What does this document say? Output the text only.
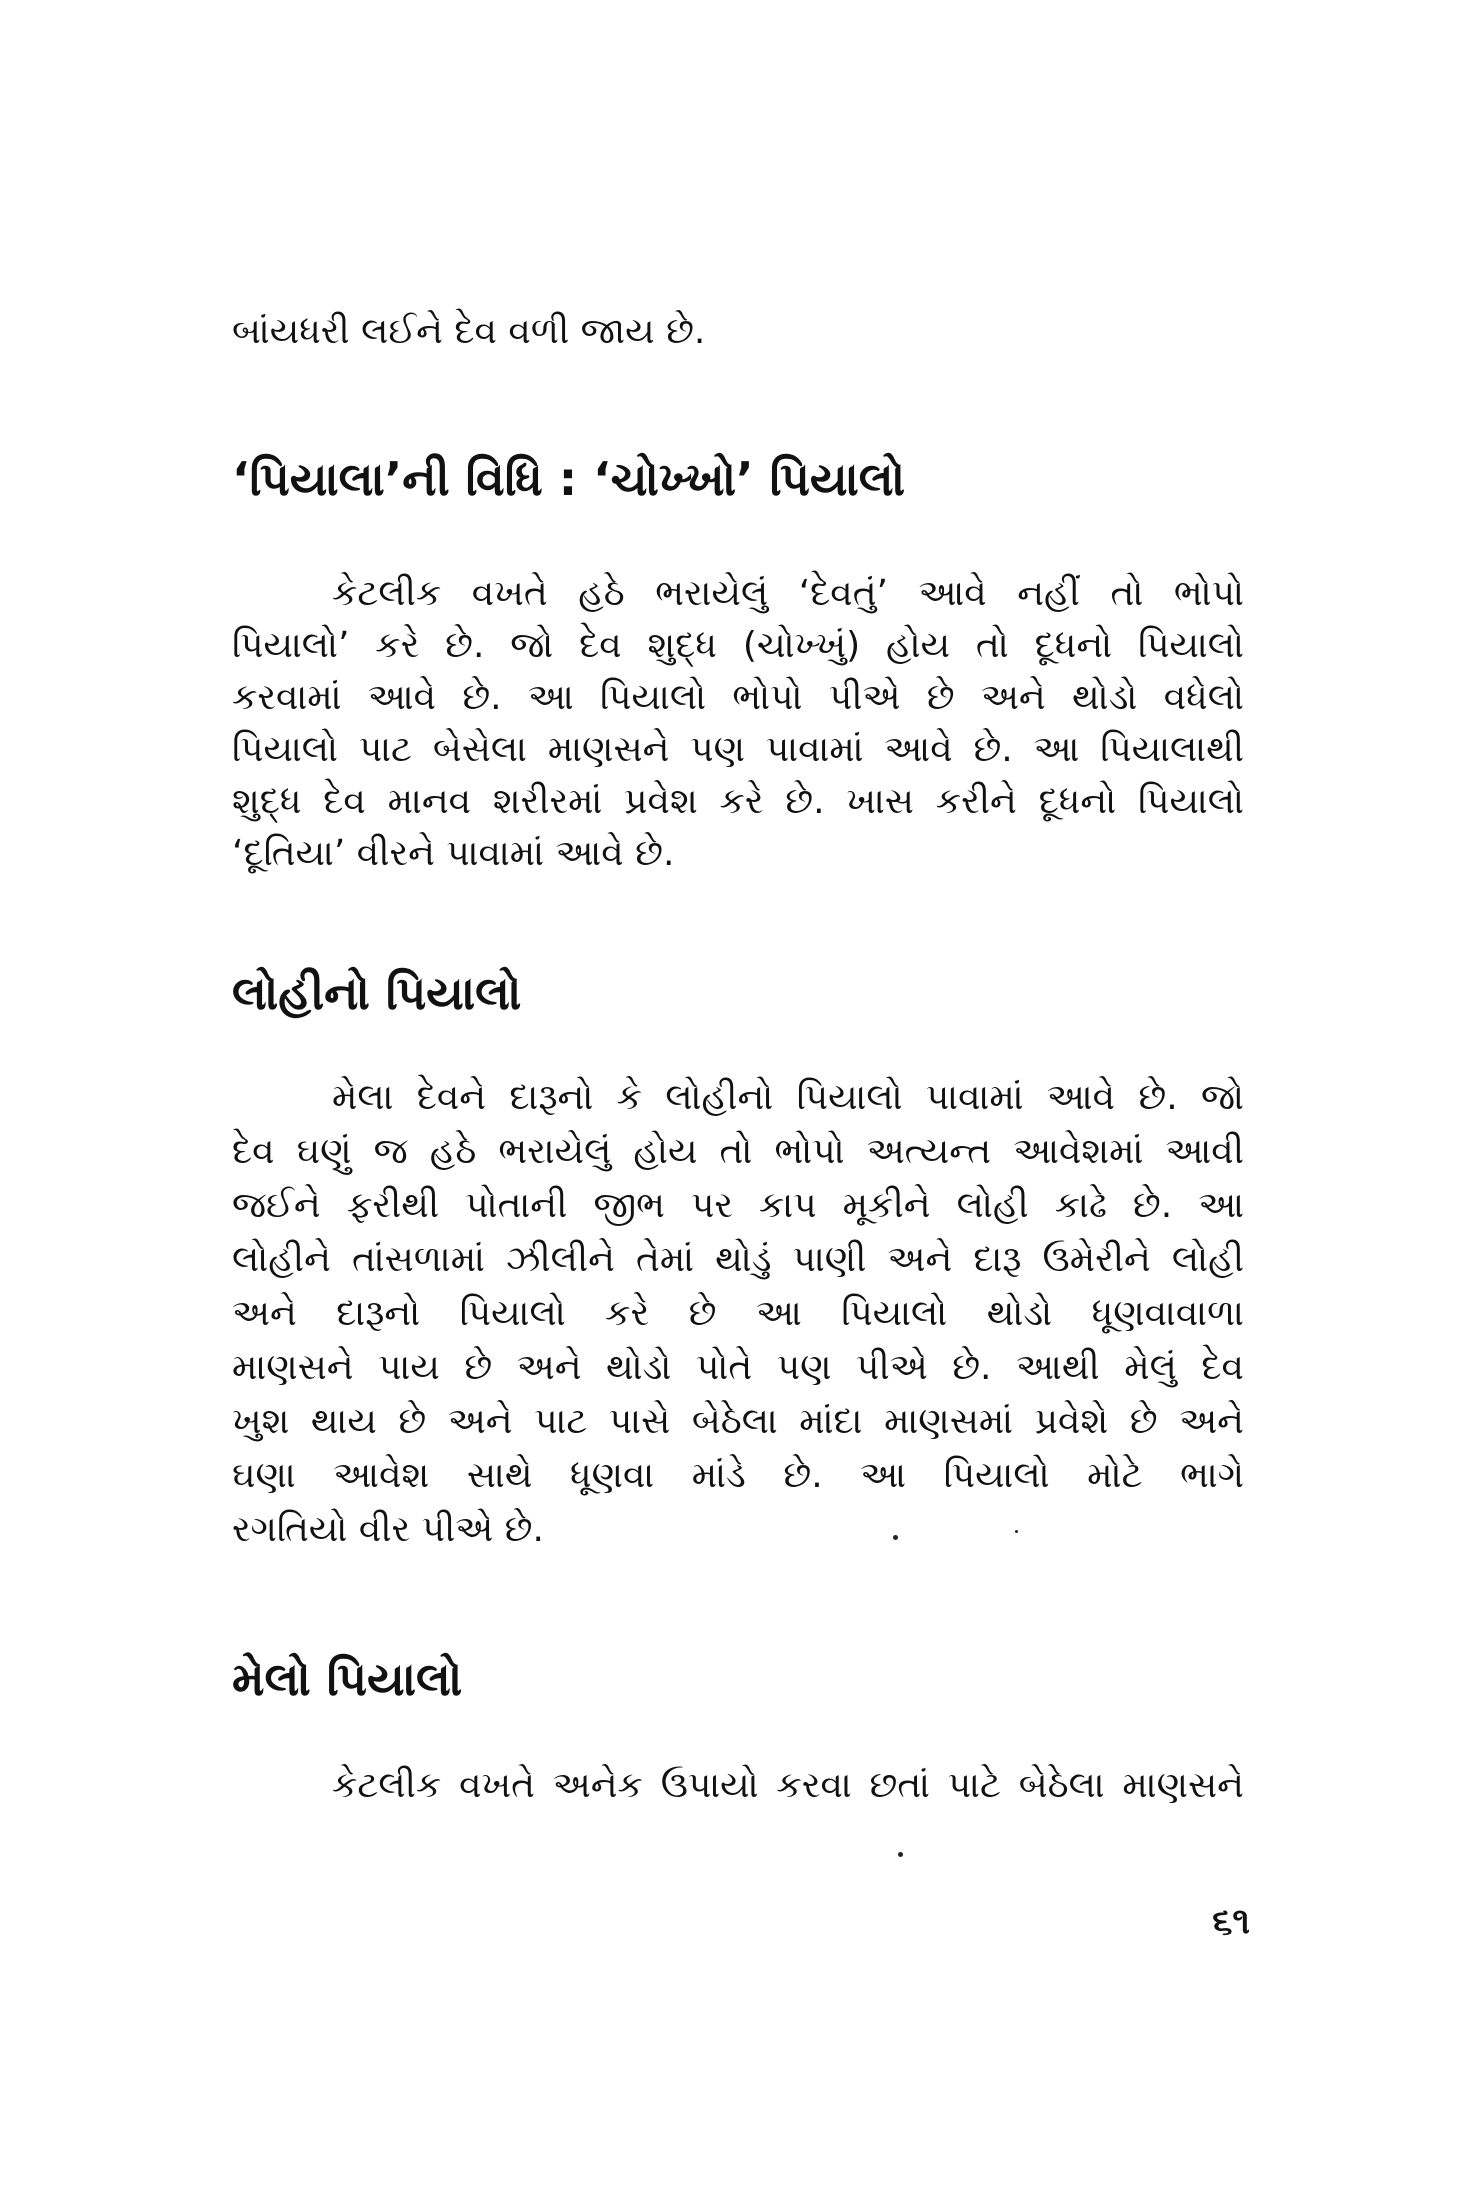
બાંયધરી લઈને દેવ વળી જાય છે.
‘પિયાલા’ની વિધિ : ‘ચોખ્ખો’ પિયાલો
કેટલીક વખતે હઠે ભરાયેલું ‘દેવતું’ આવે નહીં તો ભોપો
પિયાલો’ કરે છે. જો દેવ શુદ્ધ (ચોખ્ખું) હોય તો દૂધનો પિયાલો
કરવામાં આવે છે. આ પિયાલો ભોપો પીએ છે અને થોડો વધેલો
પિયાલો પાટ બેસેલા માણસને પણ પાવામાં આવે છે. આ પિયાલાથી
શુદ્ધ દેવ માનવ શરીરમાં પ્રવેશ કરે છે. ખાસ કરીને દૂધનો પિયાલો
‘દૂતિયા’ વીરને પાવામાં આવે છે.
લોહીનો પિયાલો
મેલા દેવને દારૂનો કે લોહીનો પિયાલો પાવામાં આવે છે. જો
દેવ ઘણું જ હઠે ભરાયેલું હોય તો ભોપો અત્યન્ત આવેશમાં આવી
જઈને ફરીથી પોતાની જીભ પર કાપ મૂકીને લોહી કાઢે છે. આ
લોહીને તાંસળામાં ઝીલીને તેમાં થોડું પાણી અને દારૂ ઉમેરીને લોહી
અને દારૂનો પિયાલો કરે છે આ પિયાલો થોડો ધૂણવાવાળા
માણસને પાય છે અને થોડો પોતે પણ પીએ છે. આથી મેલું દેવ
ખુશ થાય છે અને પાટ પાસે બેઠેલા માંદા માણસમાં પ્રવેશે છે અને
ઘણા આવેશ સાથે ધૂણવા માંડે છે. આ પિયાલો મોટે ભાગે
રગતિયો વીર પીએ છે.
મેલો પિયાલો
કેટલીક વખતે અનેક ઉપાયો કરવા છતાં પાટે બેઠેલા માણસને
૬૧
